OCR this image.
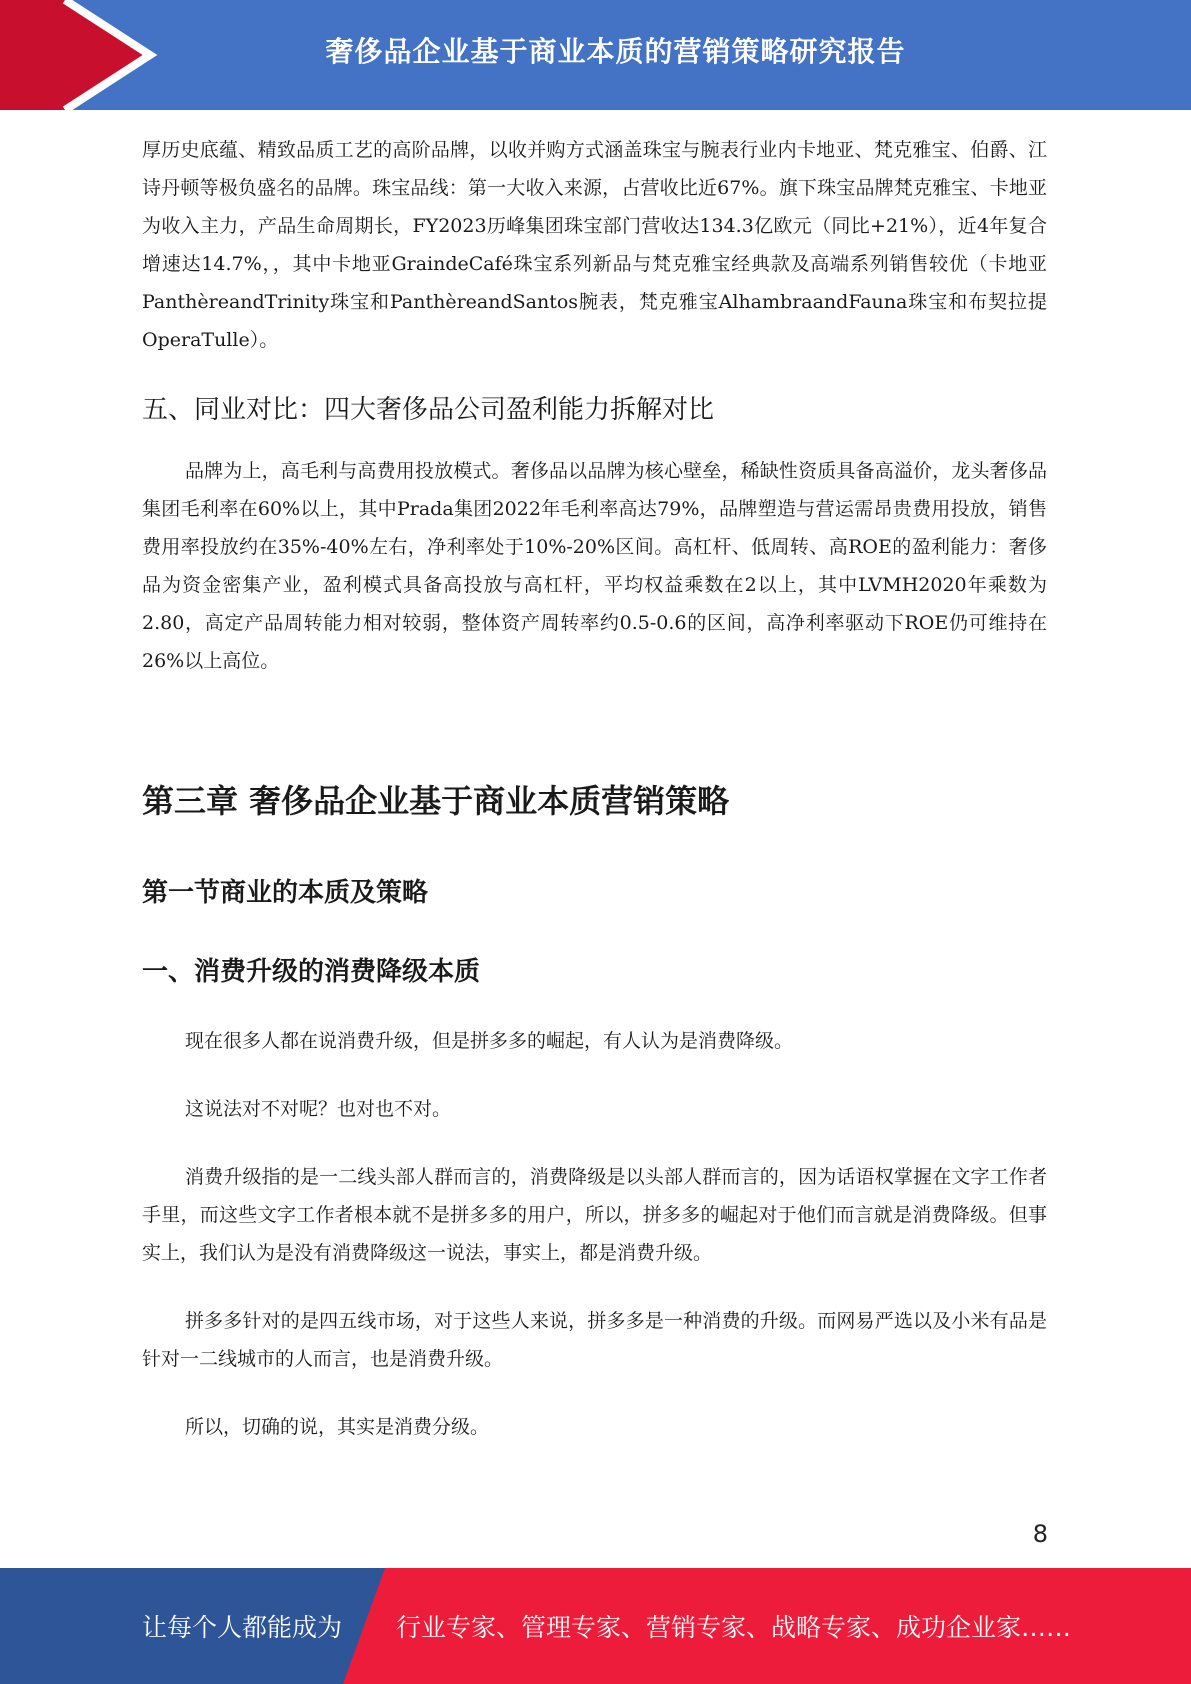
奢侈品企业基于商业本质的营销策略研究报告

厚历史底蕴、精致品质工艺的高阶品牌，以收并购方式涵盖珠宝与腕表行业内卡地亚、梵克雅宝、伯爵、江诗丹顿等极负盛名的品牌。珠宝品线：第一大收入来源，占营收比近67%。旗下珠宝品牌梵克雅宝、卡地亚为收入主力，产品生命周期长，FY2023历峰集团珠宝部门营收达134.3亿欧元（同比+21%），近4年复合增速达14.7%，，其中卡地亚GraindeCafé珠宝系列新品与梵克雅宝经典款及高端系列销售较优（卡地亚PanthèreandTrinity珠宝和PanthèreandSantos腕表，梵克雅宝AlhambraandFauna珠宝和布契拉提OperaTulle）。

五、同业对比：四大奢侈品公司盈利能力拆解对比

品牌为上，高毛利与高费用投放模式。奢侈品以品牌为核心壁垒，稀缺性资质具备高溢价，龙头奢侈品集团毛利率在60%以上，其中Prada集团2022年毛利率高达79%，品牌塑造与营运需昂贵费用投放，销售费用率投放约在35%-40%左右，净利率处于10%-20%区间。高杠杆、低周转、高ROE的盈利能力：奢侈品为资金密集产业，盈利模式具备高投放与高杠杆，平均权益乘数在2以上，其中LVMH2020年乘数为2.80，高定产品周转能力相对较弱，整体资产周转率约0.5-0.6的区间，高净利率驱动下ROE仍可维持在26%以上高位。

第三章 奢侈品企业基于商业本质营销策略
第一节商业的本质及策略
一、消费升级的消费降级本质

现在很多人都在说消费升级，但是拼多多的崛起，有人认为是消费降级。

这说法对不对呢？也对也不对。

消费升级指的是一二线头部人群而言的，消费降级是以头部人群而言的，因为话语权掌握在文字工作者手里，而这些文字工作者根本就不是拼多多的用户，所以，拼多多的崛起对于他们而言就是消费降级。但事实上，我们认为是没有消费降级这一说法，事实上，都是消费升级。

拼多多针对的是四五线市场，对于这些人来说，拼多多是一种消费的升级。而网易严选以及小米有品是针对一二线城市的人而言，也是消费升级。

所以，切确的说，其实是消费分级。

8
让每个人都能成为 行业专家、管理专家、营销专家、战略专家、成功企业家……
